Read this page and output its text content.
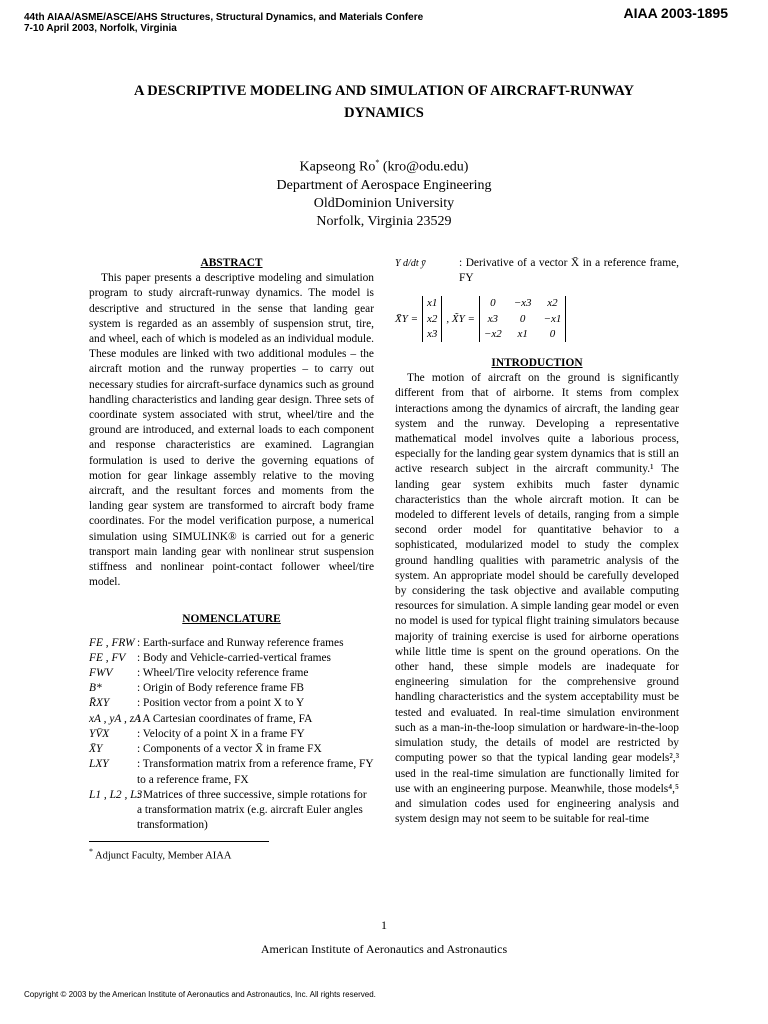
44th AIAA/ASME/ASCE/AHS Structures, Structural Dynamics, and Materials Confere
7-10 April 2003, Norfolk, Virginia
AIAA 2003-1895
A DESCRIPTIVE MODELING AND SIMULATION OF AIRCRAFT-RUNWAY
DYNAMICS
Kapseong Ro* (kro@odu.edu)
Department of Aerospace Engineering
OldDominion University
Norfolk, Virginia 23529
ABSTRACT

This paper presents a descriptive modeling and simulation program to study aircraft-runway dynamics. The model is descriptive and structured in the sense that landing gear system is regarded as an assembly of suspension strut, tire, and wheel, each of which is modeled as an individual module. These modules are linked with two additional modules – the aircraft motion and the runway properties – to carry out necessary studies for aircraft-surface dynamics such as ground handling characteristics and landing gear design. Three sets of coordinate system associated with strut, wheel/tire and the ground are introduced, and external loads to each component and response characteristics are examined. Lagrangian formulation is used to derive the governing equations of motion for gear linkage assembly relative to the moving aircraft, and the resultant forces and moments from the landing gear system are transformed to aircraft body frame coordinates. For the model verification purpose, a numerical simulation using SIMULINK® is carried out for a generic transport main landing gear with nonlinear strut suspension stiffness and nonlinear point-contact follower wheel/tire model.

NOMENCLATURE
FE , FRW : Earth-surface and Runway reference frames
FE , FV	: Body and Vehicle-carried-vertical frames
FWV	: Wheel/Tire velocity reference frame
B*	: Origin of Body reference frame FB
R̄XY	: Position vector from a point X to Y
xA , yA , zA
: A Cartesian coordinates of frame, FA
YV̄X	: Velocity of a point X in a frame FY
X̄Y	: Components of a vector X̄ in frame FX
LXY	: Transformation matrix from a reference frame, FY to a reference frame, FX
L1 , L2 , L3
: Matrices of three successive, simple rotations for a transformation matrix (e.g. aircraft Euler angles transformation)
* Adjunct Faculty, Member AIAA
Y d/dt ȳ	: Derivative of a vector X̄ in a reference frame, FY
X̄Y =
x1
x2
x3
, X̃Y =
0	−x3	x2
x3	0	−x1
−x2	x1	0
INTRODUCTION

The motion of aircraft on the ground is significantly different from that of airborne. It stems from complex interactions among the dynamics of aircraft, the landing gear system and the runway. Developing a representative mathematical model involves quite a laborious process, especially for the landing gear system dynamics that is still an active research subject in the aircraft community.¹ The landing gear system exhibits much faster dynamic characteristics than the whole aircraft motion. It can be modeled to different levels of details, ranging from a simple second order model for quantitative behavior to a sophisticated, modularized model to study the complex ground handling qualities with parametric analysis of the system. An appropriate model should be carefully developed by considering the task objective and available computing resources for simulation. A simple landing gear model or even no model is used for typical flight training simulators because majority of training exercise is used for airborne operations while little time is spent on the ground operations. On the other hand, these simple models are inadequate for engineering simulation for the comprehensive ground handling characteristics and the system acceptability must be tested and evaluated. In real-time simulation environment such as a man-in-the-loop simulation or hardware-in-the-loop simulation study, the details of model are restricted by computing power so that the typical landing gear models²,³ used in the real-time simulation are functionally limited for use with an engineering purpose. Meanwhile, those models⁴,⁵ and simulation codes used for engineering analysis and system design may not seem to be suitable for real-time

1
American Institute of Aeronautics and Astronautics
Copyright © 2003 by the American Institute of Aeronautics and Astronautics, Inc. All rights reserved.
